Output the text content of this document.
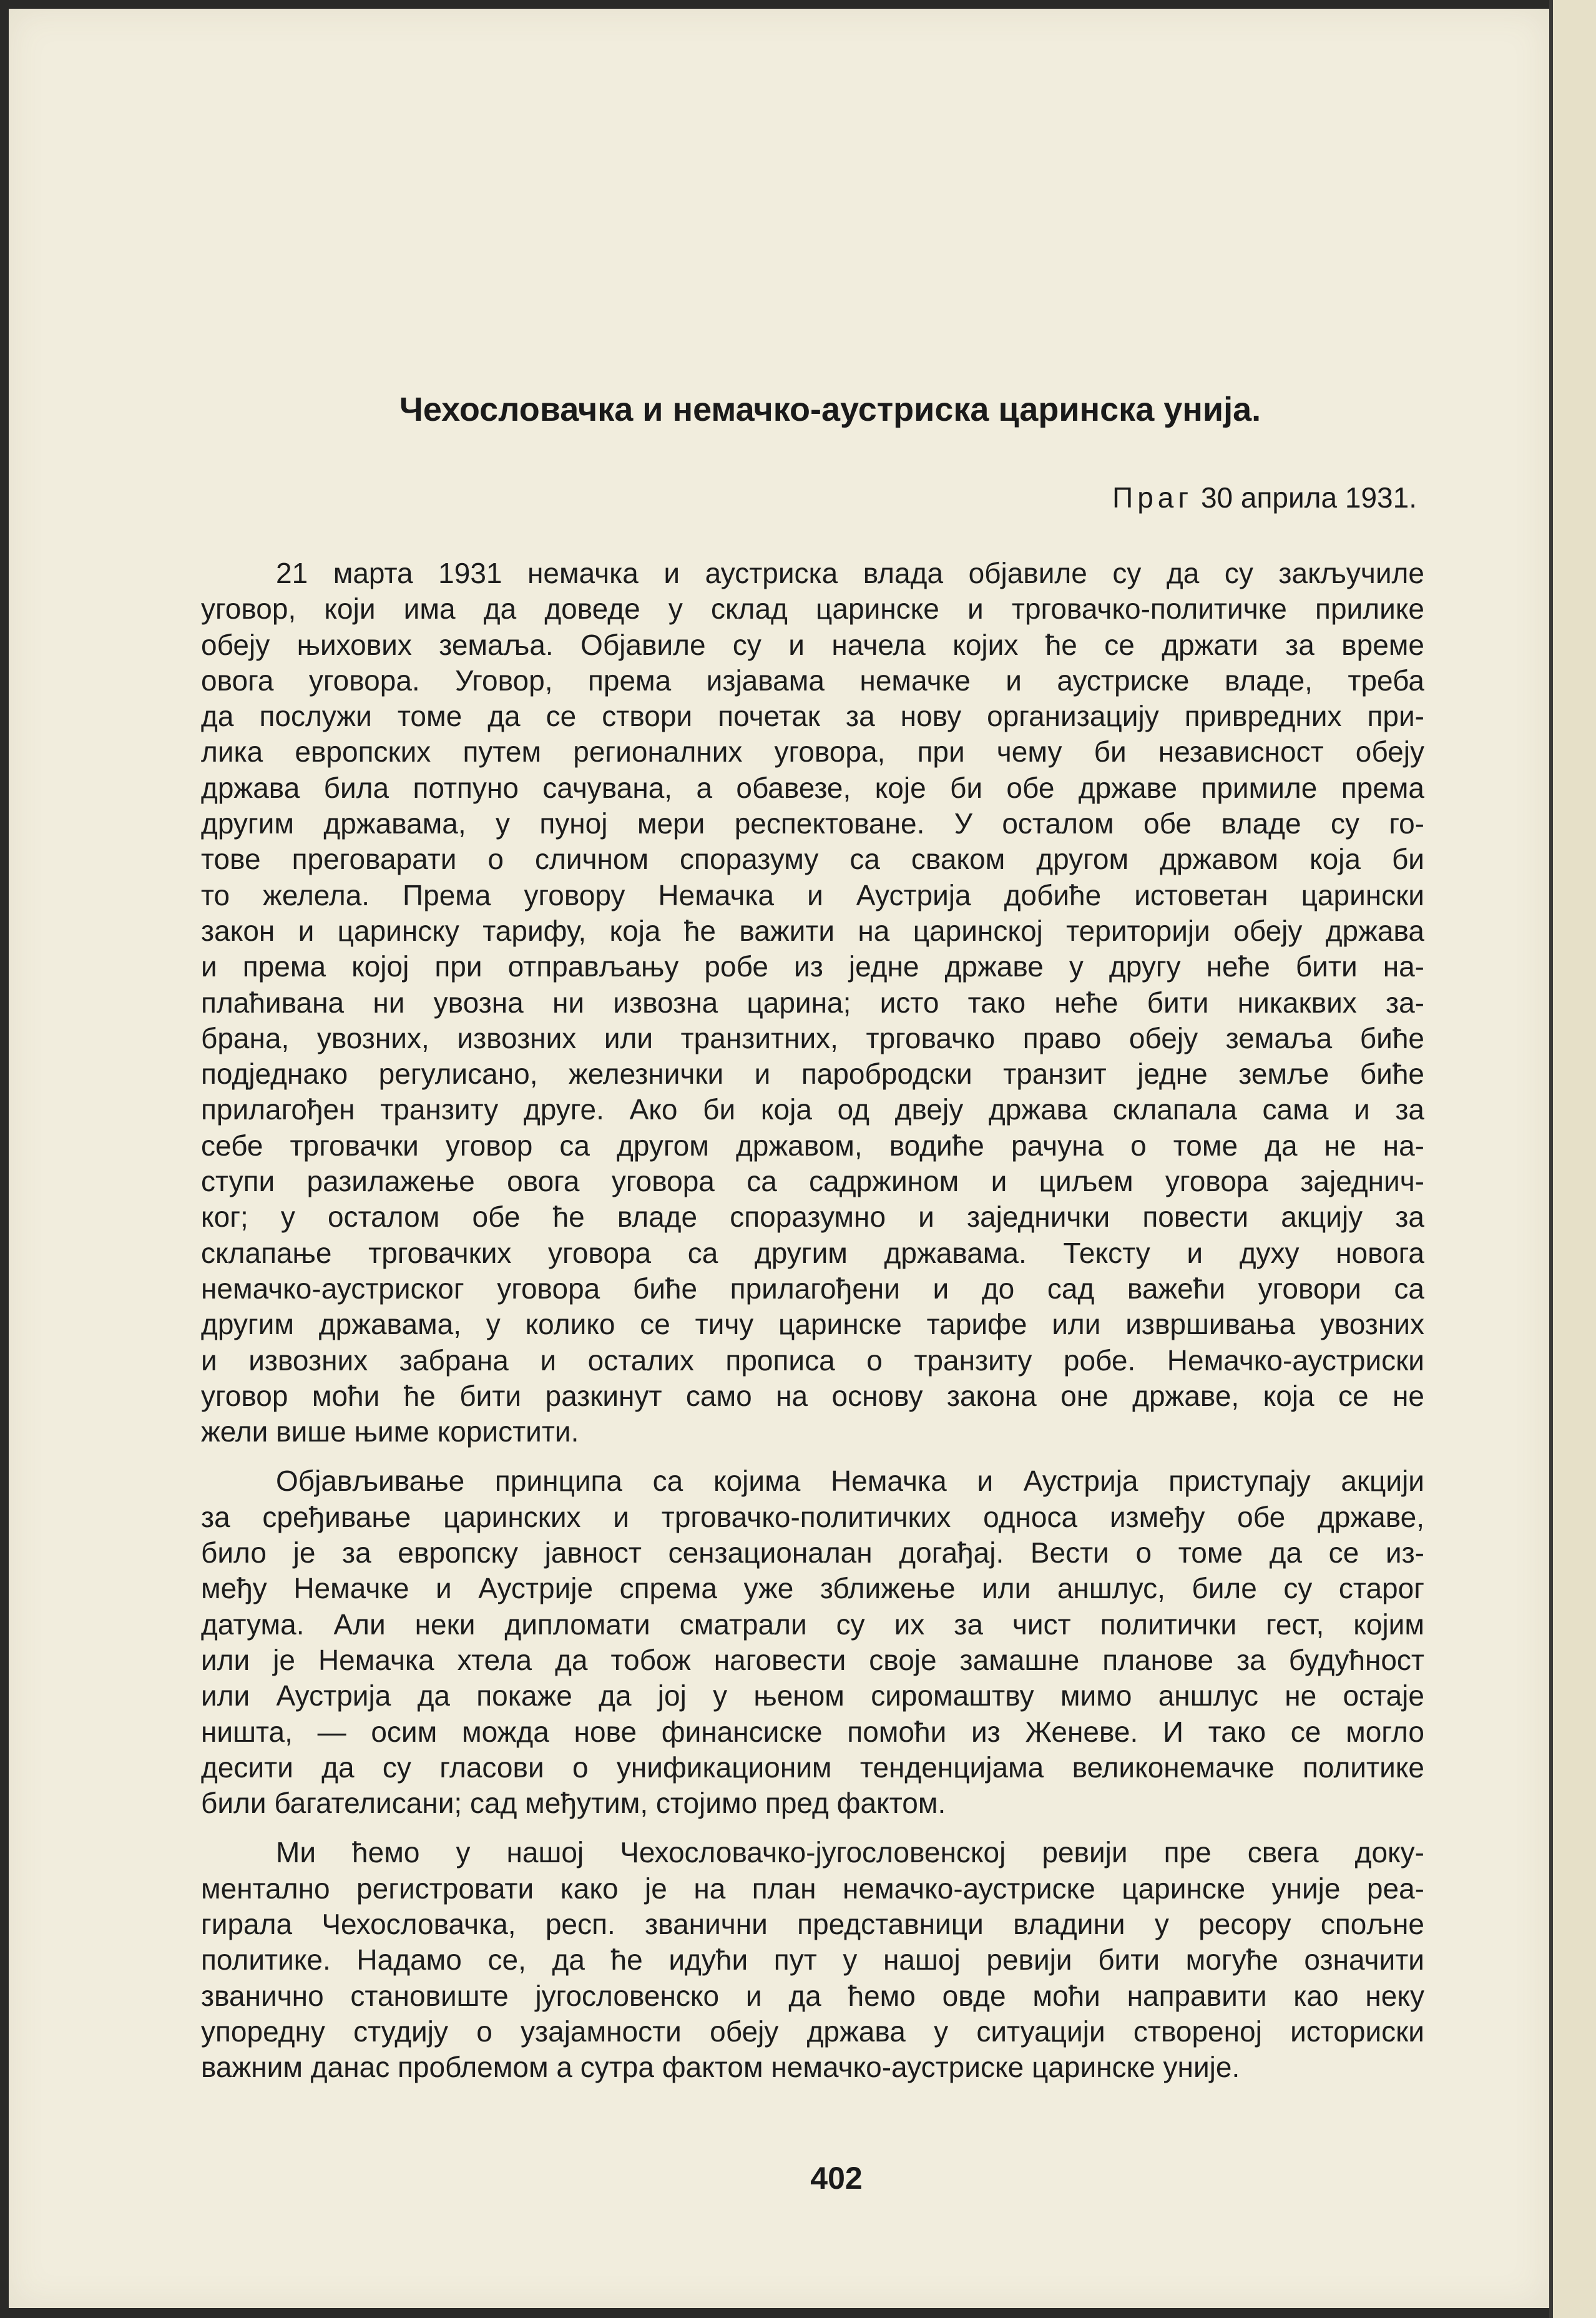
Чехословачка и немачко-аустриска царинска унија.
Праг 30 априла 1931.

21 марта 1931 немачка и аустриска влада објавиле су да су закључиле
уговор, који има да доведе у склад царинске и трговачко-политичке прилике
обеју њихових земаља. Објавиле су и начела којих ће се држати за време
овога уговора. Уговор, према изјавама немачке и аустриске владе, треба
да послужи томе да се створи почетак за нову организацију привредних при-
лика европских путем регионалних уговора, при чему би независност обеју
држава била потпуно сачувана, а обавезе, које би обе државе примиле према
другим државама, у пуној мери респектоване. У осталом обе владе су го-
тове преговарати о сличном споразуму са сваком другом државом која би
то желела. Према уговору Немачка и Аустрија добиће истоветан царински
закон и царинску тарифу, која ће важити на царинској територији обеју држава
и према којој при отправљању робе из једне државе у другу неће бити на-
плаћивана ни увозна ни извозна царина; исто тако неће бити никаквих за-
брана, увозних, извозних или транзитних, трговачко право обеју земаља биће
подједнако регулисано, железнички и паробродски транзит једне земље биће
прилагођен транзиту друге. Ако би која од двеју држава склапала сама и за
себе трговачки уговор са другом државом, водиће рачуна о томе да не на-
ступи разилажење овога уговора са садржином и циљем уговора заједнич-
ког; у осталом обе ће владе споразумно и заједнички повести акцију за
склапање трговачких уговора са другим државама. Тексту и духу новога
немачко-аустриског уговора биће прилагођени и до сад важећи уговори са
другим државама, у колико се тичу царинске тарифе или извршивања увозних
и извозних забрана и осталих прописа о транзиту робе. Немачко-аустриски
уговор моћи ће бити разкинут само на основу закона оне државе, која се не
жели више њиме користити.

Објављивање принципа са којима Немачка и Аустрија приступају акцији
за сређивање царинских и трговачко-политичких односа између обе државе,
било је за европску јавност сензационалан догађај. Вести о томе да се из-
међу Немачке и Аустрије спрема уже зближење или аншлус, биле су старог
датума. Али неки дипломати сматрали су их за чист политички гест, којим
или је Немачка хтела да тобож наговести своје замашне планове за будућност
или Аустрија да покаже да јој у њеном сиромаштву мимо аншлус не остаје
ништа, — осим можда нове финансиске помоћи из Женеве. И тако се могло
десити да су гласови о унификационим тенденцијама великонемачке политике
били багателисани; сад међутим, стојимо пред фактом.

Ми ћемо у нашој Чехословачко-југословенској ревији пре свега доку-
ментално регистровати како је на план немачко-аустриске царинске уније реа-
гирала Чехословачка, респ. званични представници владини у ресору спољне
политике. Надамо се, да ће идући пут у нашој ревији бити могуће означити
званично становиште југословенско и да ћемо овде моћи направити као неку
упоредну студију о узајамности обеју држава у ситуацији створеној историски
важним данас проблемом а сутра фактом немачко-аустриске царинске уније.

402
